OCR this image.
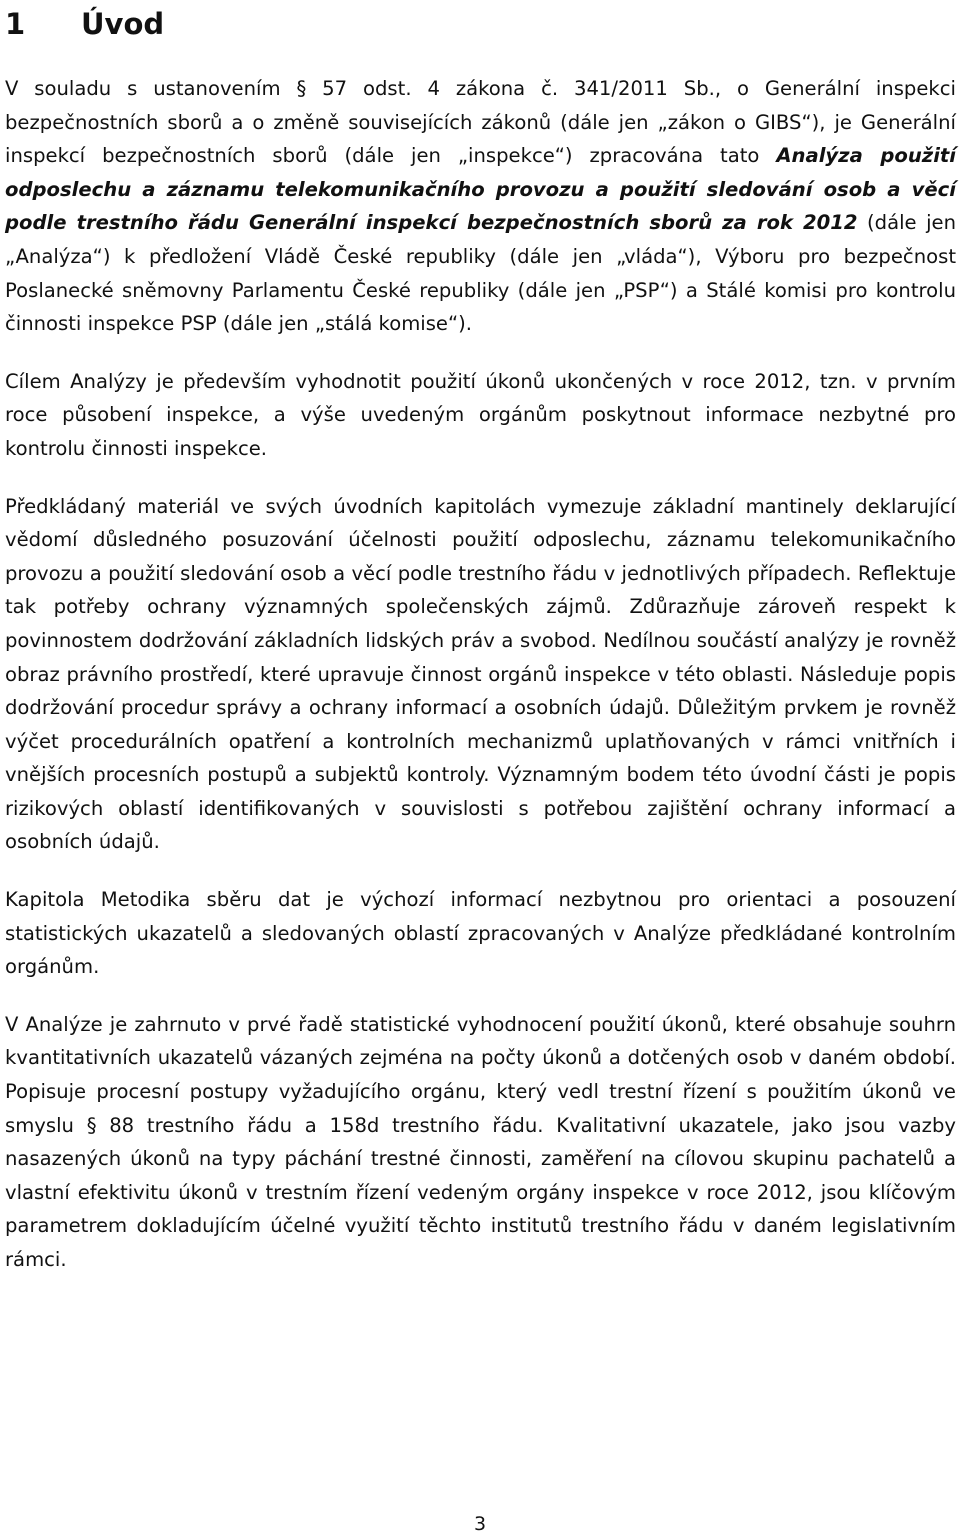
1 Úvod

V souladu s ustanovením § 57 odst. 4 zákona č. 341/2011 Sb., o Generální inspekci bezpečnostních sborů a o změně souvisejících zákonů (dále jen „zákon o GIBS“), je Generální inspekcí bezpečnostních sborů (dále jen „inspekce“) zpracována tato Analýza použití odposlechu a záznamu telekomunikačního provozu a použití sledování osob a věcí podle trestního řádu Generální inspekcí bezpečnostních sborů za rok 2012 (dále jen „Analýza“) k předložení Vládě České republiky (dále jen „vláda“), Výboru pro bezpečnost Poslanecké sněmovny Parlamentu České republiky (dále jen „PSP“) a Stálé komisi pro kontrolu činnosti inspekce PSP (dále jen „stálá komise“).

Cílem Analýzy je především vyhodnotit použití úkonů ukončených v roce 2012, tzn. v prvním roce působení inspekce, a výše uvedeným orgánům poskytnout informace nezbytné pro kontrolu činnosti inspekce.

Předkládaný materiál ve svých úvodních kapitolách vymezuje základní mantinely deklarující vědomí důsledného posuzování účelnosti použití odposlechu, záznamu telekomunikačního provozu a použití sledování osob a věcí podle trestního řádu v jednotlivých případech. Reflektuje tak potřeby ochrany významných společenských zájmů. Zdůrazňuje zároveň respekt k povinnostem dodržování základních lidských práv a svobod. Nedílnou součástí analýzy je rovněž obraz právního prostředí, které upravuje činnost orgánů inspekce v této oblasti. Následuje popis dodržování procedur správy a ochrany informací a osobních údajů. Důležitým prvkem je rovněž výčet procedurálních opatření a kontrolních mechanizmů uplatňovaných v rámci vnitřních i vnějších procesních postupů a subjektů kontroly. Významným bodem této úvodní části je popis rizikových oblastí identifikovaných v souvislosti s potřebou zajištění ochrany informací a osobních údajů.

Kapitola Metodika sběru dat je výchozí informací nezbytnou pro orientaci a posouzení statistických ukazatelů a sledovaných oblastí zpracovaných v Analýze předkládané kontrolním orgánům.

V Analýze je zahrnuto v prvé řadě statistické vyhodnocení použití úkonů, které obsahuje souhrn kvantitativních ukazatelů vázaných zejména na počty úkonů a dotčených osob v daném období. Popisuje procesní postupy vyžadujícího orgánu, který vedl trestní řízení s použitím úkonů ve smyslu § 88 trestního řádu a 158d trestního řádu. Kvalitativní ukazatele, jako jsou vazby nasazených úkonů na typy páchání trestné činnosti, zaměření na cílovou skupinu pachatelů a vlastní efektivitu úkonů v trestním řízení vedeným orgány inspekce v roce 2012, jsou klíčovým parametrem dokladujícím účelné využití těchto institutů trestního řádu v daném legislativním rámci.

3
